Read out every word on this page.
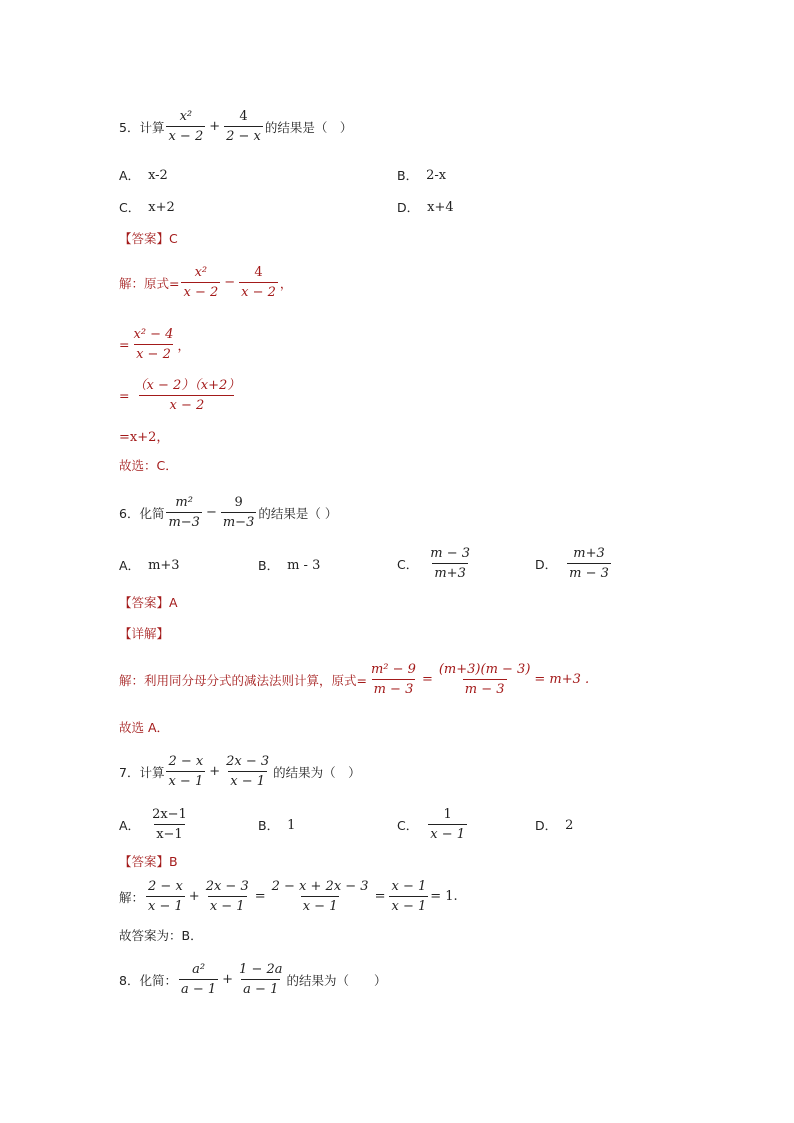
5．计算 $\frac{\text{x²}}{x - 2} + \frac{4}{2 - x}$ 的结果是（　）
A． x-2	B． 2-x
C． x+2	D． x+4
【答案】C
解：原式= $\frac{\text{x²}}{x - 2} - \frac{4}{x - 2}$ ，
= $\frac{\text{x² − 4}}{x - 2}$ ，
= $\frac{(x - 2)(x+2)}{x - 2}$
=x+2，
故选：C．
6．化简 $\frac{\text{m²}}{m-3} - \frac{9}{m-3}$ 的结果是（ ）
A． m+3	B． m - 3	C． $\frac{m - 3}{m+3}$	D． $\frac{m+3}{m - 3}$
【答案】A
【详解】
解：利用同分母分式的减法法则计算，原式= $\frac{\text{m² − 9}}{m - 3} = \frac{(m+3)(m - 3)}{m - 3} = m+3$ .
故选 A．
7．计算 $\frac{2 - x}{x - 1} + \frac{2x - 3}{x - 1}$ 的结果为（　）
A． $\frac{2x-1}{x-1}$	B． 1	C． $\frac{1}{x - 1}$	D． 2
【答案】B
解： $\frac{2 - x}{x - 1} + \frac{2x - 3}{x - 1} = \frac{2 - x + 2x - 3}{x - 1} = \frac{x - 1}{x - 1} = 1$.
故答案为：B．
8．化简： $\frac{\text{a²}}{a - 1} + \frac{1 - 2a}{a - 1}$ 的结果为（　　）
